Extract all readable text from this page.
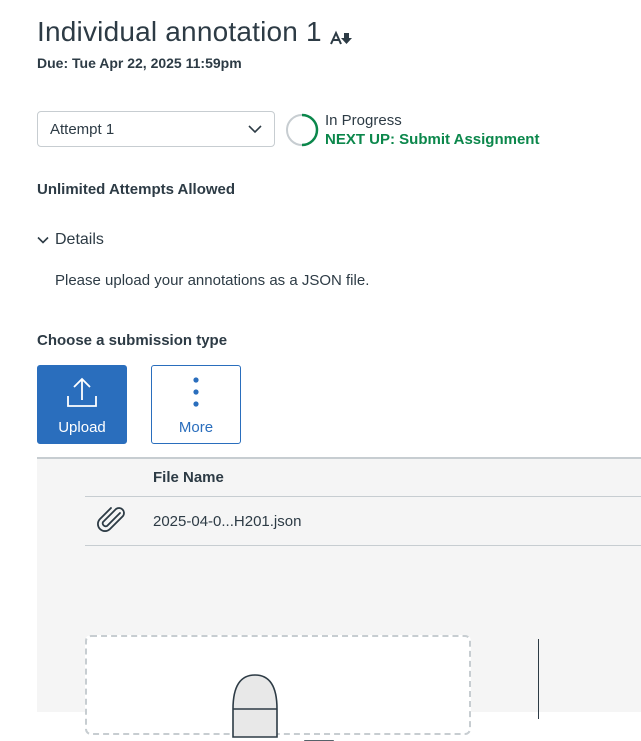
Individual annotation 1
Due: Tue Apr 22, 2025 11:59pm
Attempt 1	In Progress
NEXT UP: Submit Assignment
Unlimited Attempts Allowed
Details
Please upload your annotations as a JSON file.
Choose a submission type
Upload	More
File Name
2025-04-0...H201.json
